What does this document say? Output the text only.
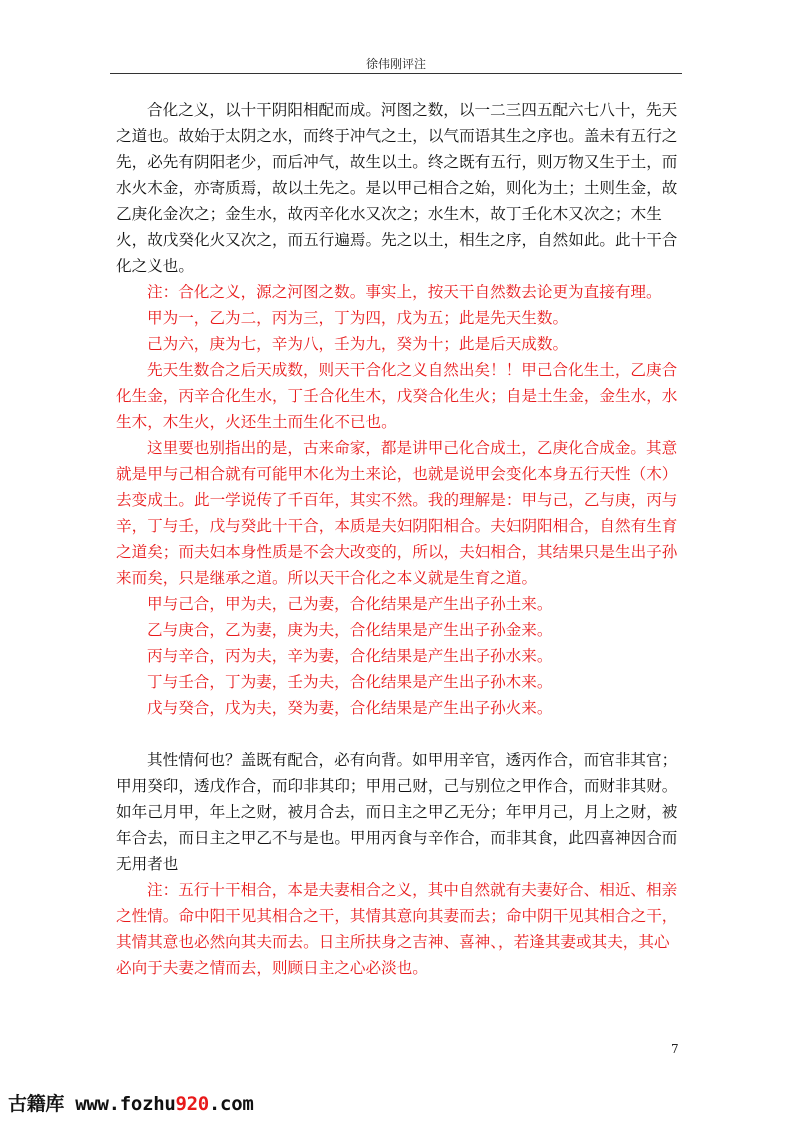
徐伟刚评注

合化之义，以十干阴阳相配而成。河图之数，以一二三四五配六七八十，先天之道也。故始于太阴之水，而终于冲气之土，以气而语其生之序也。盖未有五行之先，必先有阴阳老少，而后冲气，故生以土。终之既有五行，则万物又生于土，而水火木金，亦寄质焉，故以土先之。是以甲己相合之始，则化为土；土则生金，故乙庚化金次之；金生水，故丙辛化水又次之；水生木，故丁壬化木又次之；木生火，故戊癸化火又次之，而五行遍焉。先之以土，相生之序，自然如此。此十干合化之义也。

注：合化之义，源之河图之数。事实上，按天干自然数去论更为直接有理。

甲为一，乙为二，丙为三，丁为四，戊为五；此是先天生数。

己为六，庚为七，辛为八，壬为九，癸为十；此是后天成数。

先天生数合之后天成数，则天干合化之义自然出矣！！甲己合化生土，乙庚合化生金，丙辛合化生水，丁壬合化生木，戊癸合化生火；自是土生金，金生水，水生木，木生火，火还生土而生化不已也。

这里要也别指出的是，古来命家，都是讲甲己化合成土，乙庚化合成金。其意就是甲与己相合就有可能甲木化为土来论，也就是说甲会变化本身五行天性（木）去变成土。此一学说传了千百年，其实不然。我的理解是：甲与己，乙与庚，丙与辛，丁与壬，戊与癸此十干合，本质是夫妇阴阳相合。夫妇阴阳相合，自然有生育之道矣；而夫妇本身性质是不会大改变的，所以，夫妇相合，其结果只是生出子孙来而矣，只是继承之道。所以天干合化之本义就是生育之道。

甲与己合，甲为夫，己为妻，合化结果是产生出子孙土来。

乙与庚合，乙为妻，庚为夫，合化结果是产生出子孙金来。

丙与辛合，丙为夫，辛为妻，合化结果是产生出子孙水来。

丁与壬合，丁为妻，壬为夫，合化结果是产生出子孙木来。

戊与癸合，戊为夫，癸为妻，合化结果是产生出子孙火来。

其性情何也？盖既有配合，必有向背。如甲用辛官，透丙作合，而官非其官；甲用癸印，透戊作合，而印非其印；甲用己财，己与别位之甲作合，而财非其财。如年己月甲，年上之财，被月合去，而日主之甲乙无分；年甲月己，月上之财，被年合去，而日主之甲乙不与是也。甲用丙食与辛作合，而非其食，此四喜神因合而无用者也

注：五行十干相合，本是夫妻相合之义，其中自然就有夫妻好合、相近、相亲之性情。命中阳干见其相合之干，其情其意向其妻而去；命中阴干见其相合之干，其情其意也必然向其夫而去。日主所扶身之吉神、喜神、，若逢其妻或其夫，其心必向于夫妻之情而去，则顾日主之心必淡也。

7
古籍库 www.fozhu920.com
